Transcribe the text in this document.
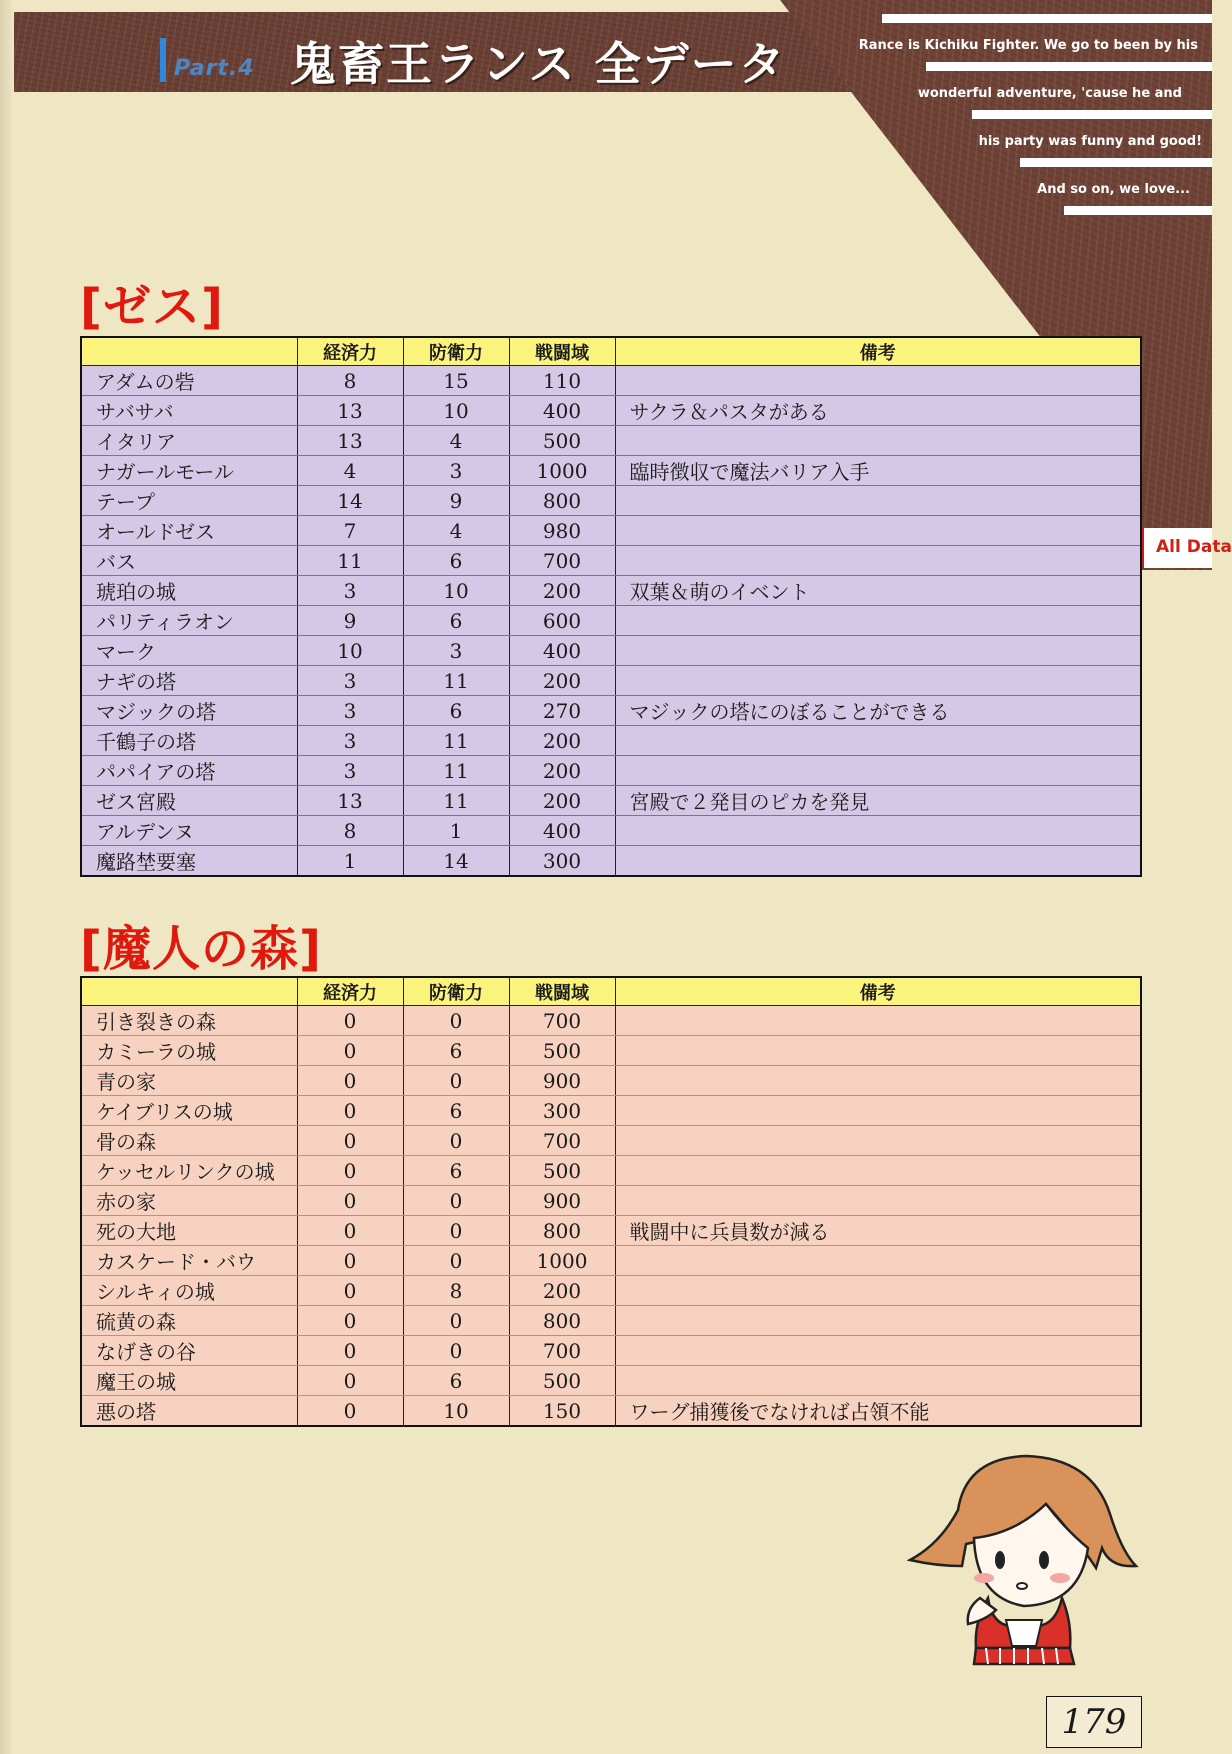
Part.4 鬼畜王ランス 全データ	Rance is Kichiku Fighter. We go to been by his
wonderful adventure, 'cause he and
his party was funny and good!
And so on, we love...
All Data
[ゼス]
	経済力	防衛力	戦闘域	備考
アダムの砦	8	15	110	
サバサバ	13	10	400	サクラ＆パスタがある
イタリア	13	4	500	
ナガールモール	4	3	1000	臨時徴収で魔法バリア入手
テープ	14	9	800	
オールドゼス	7	4	980	
バス	11	6	700	
琥珀の城	3	10	200	双葉＆萌のイベント
パリティラオン	9	6	600	
マーク	10	3	400	
ナギの塔	3	11	200	
マジックの塔	3	6	270	マジックの塔にのぼることができる
千鶴子の塔	3	11	200	
パパイアの塔	3	11	200	
ゼス宮殿	13	11	200	宮殿で２発目のピカを発見
アルデンヌ	8	1	400	
魔路埜要塞	1	14	300	
[魔人の森]
	経済力	防衛力	戦闘域	備考
引き裂きの森	0	0	700	
カミーラの城	0	6	500	
青の家	0	0	900	
ケイブリスの城	0	6	300	
骨の森	0	0	700	
ケッセルリンクの城	0	6	500	
赤の家	0	0	900	
死の大地	0	0	800	戦闘中に兵員数が減る
カスケード・バウ	0	0	1000	
シルキィの城	0	8	200	
硫黄の森	0	0	800	
なげきの谷	0	0	700	
魔王の城	0	6	500	
悪の塔	0	10	150	ワーグ捕獲後でなければ占領不能
179
